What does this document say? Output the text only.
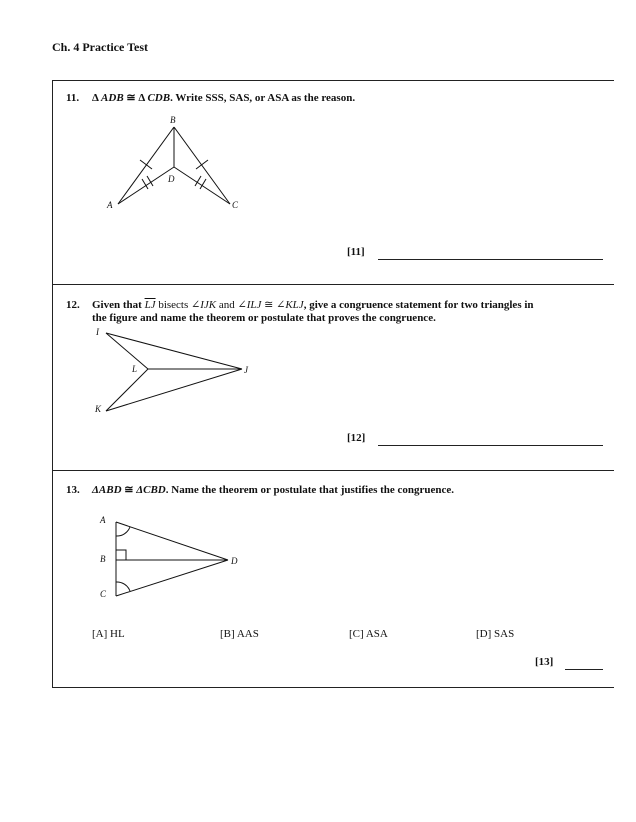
Ch. 4 Practice Test
11. Δ ADB ≅ Δ CDB. Write SSS, SAS, or ASA as the reason.
B
D
A	C
[11]
12. Given that $\overline{LJ}$ bisects ∠IJK and ∠ILJ ≅ ∠KLJ, give a congruence statement for two triangles in
the figure and name the theorem or postulate that proves the congruence.
I
L	J
K
[12]
13. ΔABD ≅ ΔCBD. Name the theorem or postulate that justifies the congruence.
A
B
C
D
[A] HL	[B] AAS	[C] ASA	[D] SAS
[13]
